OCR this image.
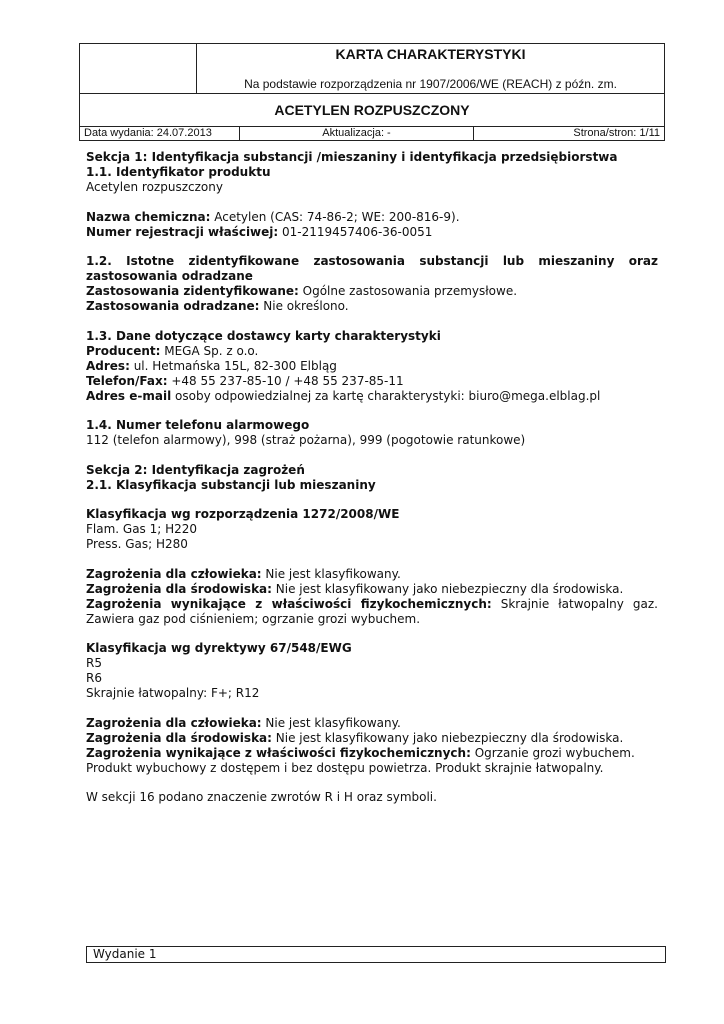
KARTA CHARAKTERYSTYKI
Na podstawie rozporządzenia nr 1907/2006/WE (REACH) z późn. zm.
ACETYLEN ROZPUSZCZONY
Data wydania: 24.07.2013	Aktualizacja: -	Strona/stron: 1/11

Sekcja 1: Identyfikacja substancji /mieszaniny i identyfikacja przedsiębiorstwa

1.1. Identyfikator produktu

Acetylen rozpuszczony

Nazwa chemiczna: Acetylen (CAS: 74-86-2; WE: 200-816-9).

Numer rejestracji właściwej: 01-2119457406-36-0051

1.2. Istotne zidentyfikowane zastosowania substancji lub mieszaniny oraz zastosowania odradzane

Zastosowania zidentyfikowane: Ogólne zastosowania przemysłowe.

Zastosowania odradzane: Nie określono.

1.3. Dane dotyczące dostawcy karty charakterystyki

Producent: MEGA Sp. z o.o.

Adres: ul. Hetmańska 15L, 82-300 Elbląg

Telefon/Fax: +48 55 237-85-10 / +48 55 237-85-11

Adres e-mail osoby odpowiedzialnej za kartę charakterystyki: biuro@mega.elblag.pl

1.4. Numer telefonu alarmowego

112 (telefon alarmowy), 998 (straż pożarna), 999 (pogotowie ratunkowe)

Sekcja 2: Identyfikacja zagrożeń

2.1. Klasyfikacja substancji lub mieszaniny

Klasyfikacja wg rozporządzenia 1272/2008/WE

Flam. Gas 1; H220

Press. Gas; H280

Zagrożenia dla człowieka: Nie jest klasyfikowany.

Zagrożenia dla środowiska: Nie jest klasyfikowany jako niebezpieczny dla środowiska.

Zagrożenia wynikające z właściwości fizykochemicznych: Skrajnie łatwopalny gaz. Zawiera gaz pod ciśnieniem; ogrzanie grozi wybuchem.

Klasyfikacja wg dyrektywy 67/548/EWG

R5

R6

Skrajnie łatwopalny: F+; R12

Zagrożenia dla człowieka: Nie jest klasyfikowany.

Zagrożenia dla środowiska: Nie jest klasyfikowany jako niebezpieczny dla środowiska.

Zagrożenia wynikające z właściwości fizykochemicznych: Ogrzanie grozi wybuchem. Produkt wybuchowy z dostępem i bez dostępu powietrza. Produkt skrajnie łatwopalny.

W sekcji 16 podano znaczenie zwrotów R i H oraz symboli.

Wydanie 1
